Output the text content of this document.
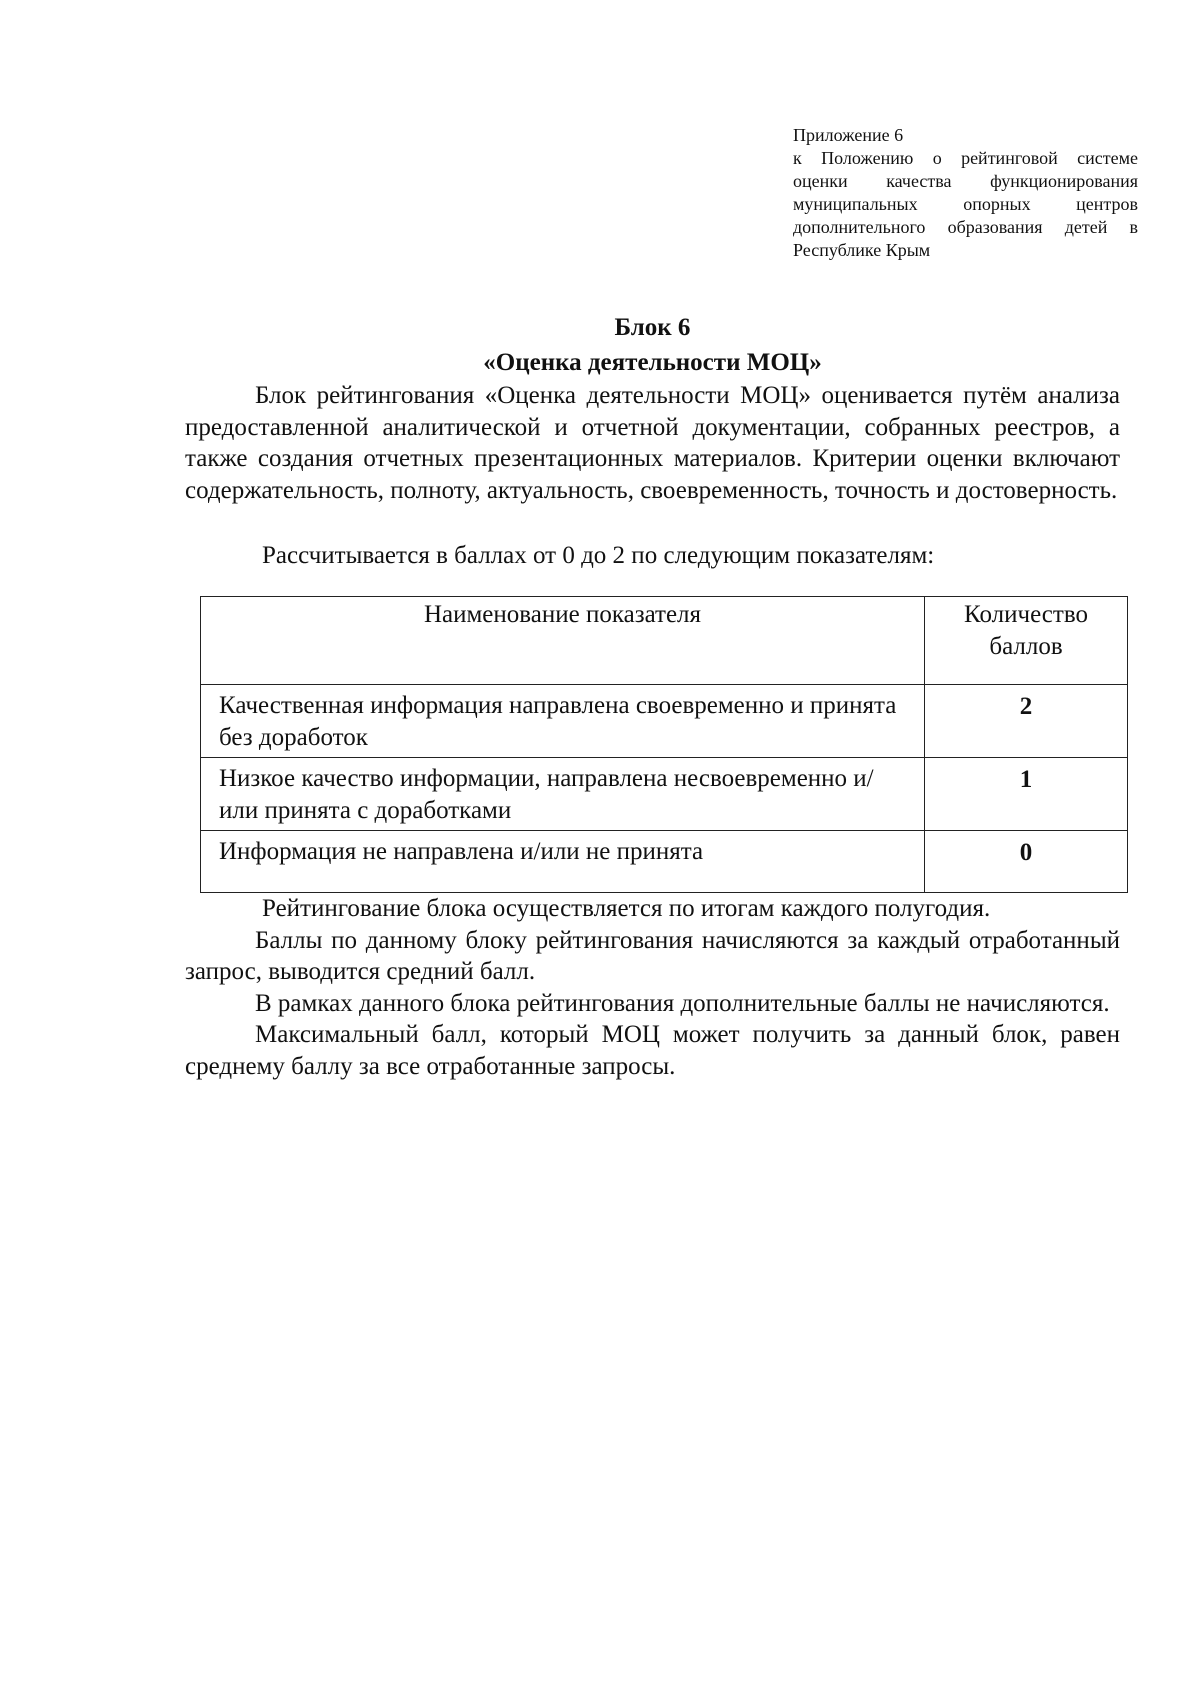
Приложение 6
к Положению о рейтинговой системе
оценки качества функционирования
муниципальных опорных центров
дополнительного образования детей в
Республике Крым
Блок 6
«Оценка деятельности МОЦ»

Блок рейтингования «Оценка деятельности МОЦ» оценивается путём анализа предоставленной аналитической и отчетной документации, собранных реестров, а также создания отчетных презентационных материалов. Критерии оценки включают содержательность, полноту, актуальность, своевременность, точность и достоверность.

Рассчитывается в баллах от 0 до 2 по следующим показателям:

Наименование показателя	Количество баллов
Качественная информация направлена своевременно и принята без доработок	2
Низкое качество информации, направлена несвоевременно и/или принята с доработками	1
Информация не направлена и/или не принята	0

Рейтингование блока осуществляется по итогам каждого полугодия.

Баллы по данному блоку рейтингования начисляются за каждый отработанный запрос, выводится средний балл.

В рамках данного блока рейтингования дополнительные баллы не начисляются.

Максимальный балл, который МОЦ может получить за данный блок, равен среднему баллу за все отработанные запросы.
